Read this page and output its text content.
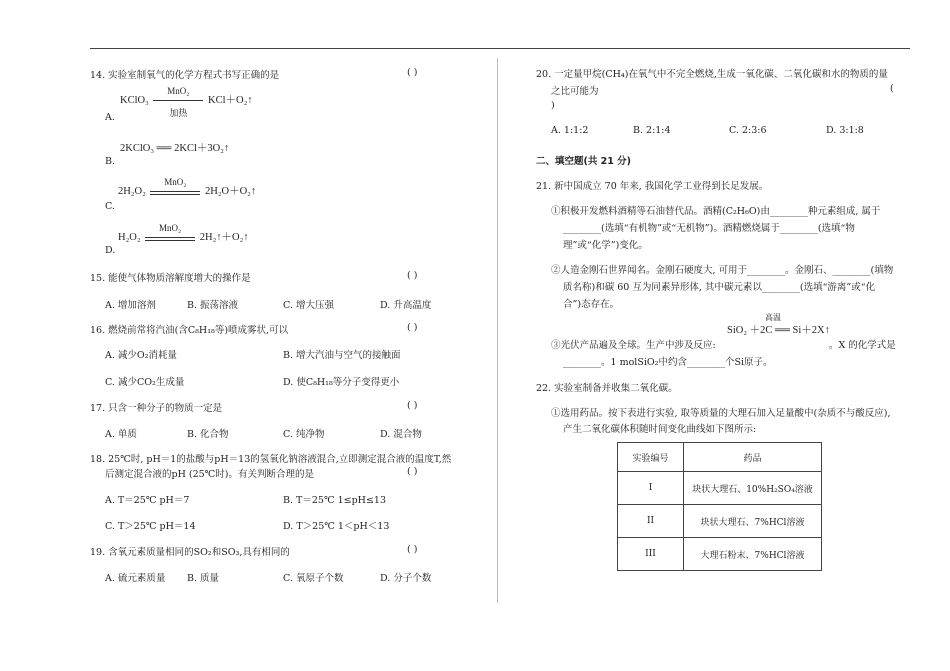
14. 实验室制氧气的化学方程式书写正确的是	( )
KClO₃
MnO₂
加热
KCl＋O₂↑
A.
2KClO₃ ══ 2KCl＋3O₂↑
B.
2H₂O₂
MnO₂
2H₂O＋O₂↑
C.
H₂O₂
MnO₂
2H₂↑＋O₂↑
D.
15. 能使气体物质溶解度增大的操作是	( )
A. 增加溶剂	B. 振荡溶液	C. 增大压强	D. 升高温度
16. 燃烧前常将汽油(含C₈H₁₈等)喷成雾状,可以	( )
A. 减少O₂消耗量	B. 增大汽油与空气的接触面
C. 减少CO₂生成量	D. 使C₈H₁₈等分子变得更小
17. 只含一种分子的物质一定是	( )
A. 单质	B. 化合物	C. 纯净物	D. 混合物
18. 25℃时, pH＝1的盐酸与pH＝13的氢氧化钠溶液混合,立即测定混合液的温度T,然
后测定混合液的pH (25℃时)。有关判断合理的是	( )
A. T＝25℃ pH＝7	B. T＝25℃ 1≤pH≤13
C. T＞25℃ pH＝14	D. T＞25℃ 1＜pH＜13
19. 含氧元素质量相同的SO₂和SO₃,具有相同的	( )
A. 硫元素质量 B. 质量	C. 氧原子个数	D. 分子个数
20. 一定量甲烷(CH₄)在氧气中不完全燃烧,生成一氧化碳、二氧化碳和水的物质的量
之比可能为	(
)
A. 1:1:2	B. 2:1:4	C. 2:3:6	D. 3:1:8
二、填空题(共 21 分)
21. 新中国成立 70 年来, 我国化学工业得到长足发展。
①积极开发燃料酒精等石油替代品。酒精(C₂H₆O)由________种元素组成, 属于
________(选填“有机物”或“无机物”)。酒精燃烧属于________(选填“物
理”或“化学”)变化。
②人造金刚石世界闻名。金刚石硬度大, 可用于________。金刚石、________(填物
质名称)和碳 60 互为同素异形体, 其中碳元素以________(选填“游离”或“化
合”)态存在。
高温
SiO₂ ＋2C ══ Si＋2X↑
③光伏产品遍及全球。生产中涉及反应:	。X 的化学式是
________。1 molSiO₂中约含________个Si原子。
22. 实验室制备并收集二氧化碳。
①选用药品。按下表进行实验, 取等质量的大理石加入足量酸中(杂质不与酸反应),
产生二氧化碳体积随时间变化曲线如下图所示:
实验编号	药品
I	块状大理石、10%H₂SO₄溶液
II	块状大理石、7%HCl溶液
III	大理石粉末、7%HCl溶液
